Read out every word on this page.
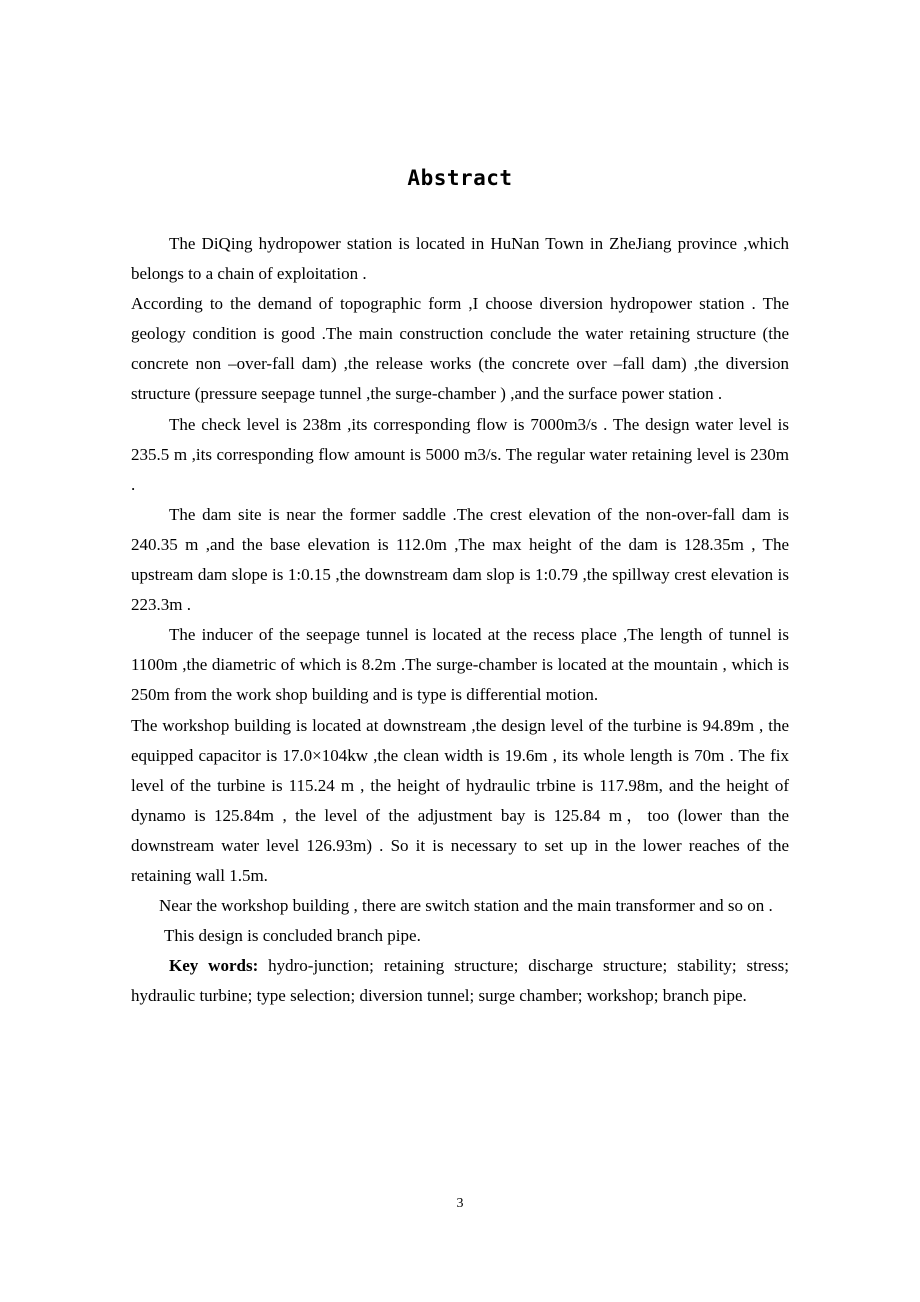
Abstract

The DiQing hydropower station is located in HuNan Town in ZheJiang province ,which belongs to a chain of exploitation .

According to the demand of topographic form ,I choose diversion hydropower station . The geology condition is good .The main construction conclude the water retaining structure (the concrete non –over-fall dam) ,the release works (the concrete over –fall dam) ,the diversion structure (pressure seepage tunnel ,the surge-chamber ) ,and the surface power station .

The check level is 238m ,its corresponding flow is 7000m3/s . The design water level is 235.5 m ,its corresponding flow amount is 5000 m3/s. The regular water retaining level is 230m .

The dam site is near the former saddle .The crest elevation of the non-over-fall dam is 240.35 m ,and the base elevation is 112.0m ,The max height of the dam is 128.35m , The upstream dam slope is 1:0.15 ,the downstream dam slop is 1:0.79 ,the spillway crest elevation is 223.3m .

The inducer of the seepage tunnel is located at the recess place ,The length of tunnel is 1100m ,the diametric of which is 8.2m .The surge-chamber is located at the mountain , which is 250m from the work shop building and is type is differential motion.

The workshop building is located at downstream ,the design level of the turbine is 94.89m , the equipped capacitor is 17.0×104kw ,the clean width is 19.6m , its whole length is 70m . The fix level of the turbine is 115.24 m , the height of hydraulic trbine is 117.98m, and the height of dynamo is 125.84m , the level of the adjustment bay is 125.84 m，too (lower than the downstream water level 126.93m) . So it is necessary to set up in the lower reaches of the retaining wall 1.5m.

Near the workshop building , there are switch station and the main transformer and so on .

This design is concluded branch pipe.

Key words: hydro-junction; retaining structure; discharge structure; stability; stress; hydraulic turbine; type selection; diversion tunnel; surge chamber; workshop; branch pipe.

3
